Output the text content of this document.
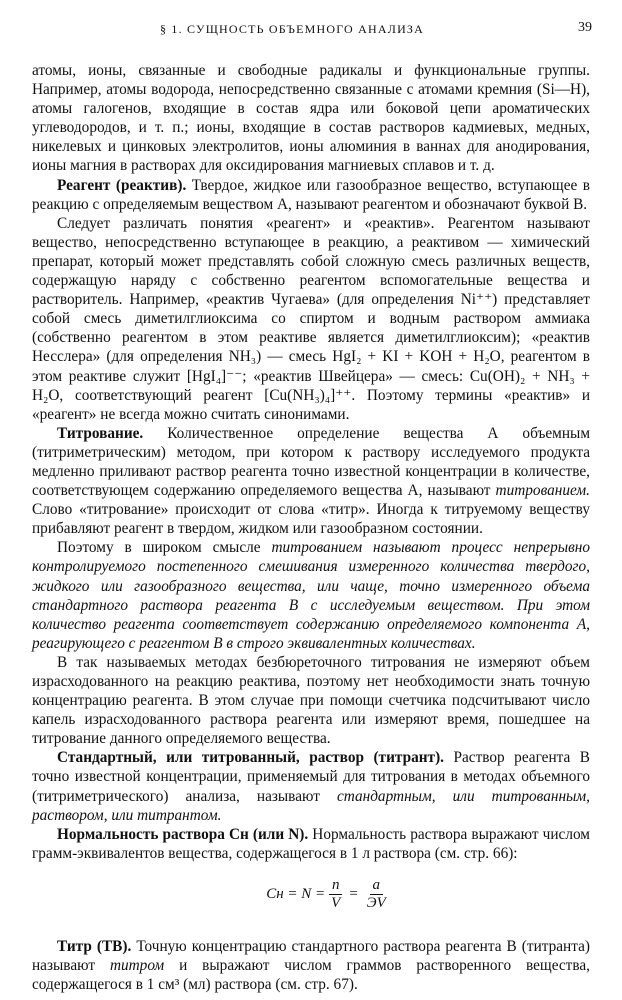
§ 1. СУЩНОСТЬ ОБЪЕМНОГО АНАЛИЗА	39

атомы, ионы, связанные и свободные радикалы и функциональные группы. Например, атомы водорода, непосредственно связанные с атомами кремния (Si—H), атомы галогенов, входящие в состав ядра или боковой цепи ароматических углеводородов, и т. п.; ионы, входящие в состав растворов кадмиевых, медных, никелевых и цинковых электролитов, ионы алюминия в ваннах для анодирования, ионы магния в растворах для оксидирования магниевых сплавов и т. д.

Реагент (реактив). Твердое, жидкое или газообразное вещество, вступающее в реакцию с определяемым веществом А, называют реагентом и обозначают буквой В.

Следует различать понятия «реагент» и «реактив». Реагентом называют вещество, непосредственно вступающее в реакцию, а реактивом — химический препарат, который может представлять собой сложную смесь различных веществ, содержащую наряду с собственно реагентом вспомогательные вещества и растворитель. Например, «реактив Чугаева» (для определения Ni⁺⁺) представляет собой смесь диметилглиоксима со спиртом и водным раствором аммиака (собственно реагентом в этом реактиве является диметилглиоксим); «реактив Несслера» (для определения NH₃) — смесь HgI₂ + KI + KOH + H₂O, реагентом в этом реактиве служит [HgI₄]⁻⁻; «реактив Швейцера» — смесь: Cu(OH)₂ + NH₃ + H₂O, соответствующий реагент [Cu(NH₃)₄]⁺⁺. Поэтому термины «реактив» и «реагент» не всегда можно считать синонимами.

Титрование. Количественное определение вещества А объемным (титриметрическим) методом, при котором к раствору исследуемого продукта медленно приливают раствор реагента точно известной концентрации в количестве, соответствующем содержанию определяемого вещества А, называют титрованием. Слово «титрование» происходит от слова «титр». Иногда к титруемому веществу прибавляют реагент в твердом, жидком или газообразном состоянии.

Поэтому в широком смысле титрованием называют процесс непрерывно контролируемого постепенного смешивания измеренного количества твердого, жидкого или газообразного вещества, или чаще, точно измеренного объема стандартного раствора реагента B с исследуемым веществом. При этом количество реагента соответствует содержанию определяемого компонента A, реагирующего с реагентом B в строго эквивалентных количествах.

В так называемых методах безбюреточного титрования не измеряют объем израсходованного на реакцию реактива, поэтому нет необходимости знать точную концентрацию реагента. В этом случае при помощи счетчика подсчитывают число капель израсходованного раствора реагента или измеряют время, пошедшее на титрование данного определяемого вещества.

Стандартный, или титрованный, раствор (титрант). Раствор реагента B точно известной концентрации, применяемый для титрования в методах объемного (титриметрического) анализа, называют стандартным, или титрованным, раствором, или титрантом.

Нормальность раствора Cн (или N). Нормальность раствора выражают числом грамм-эквивалентов вещества, содержащегося в 1 л раствора (см. стр. 66):

Cн = $N = \frac{n}{V} = \frac{a}{ЭV}$

Титр (TB). Точную концентрацию стандартного раствора реагента B (титранта) называют титром и выражают числом граммов растворенного вещества, содержащегося в 1 см³ (мл) раствора (см. стр. 67).
